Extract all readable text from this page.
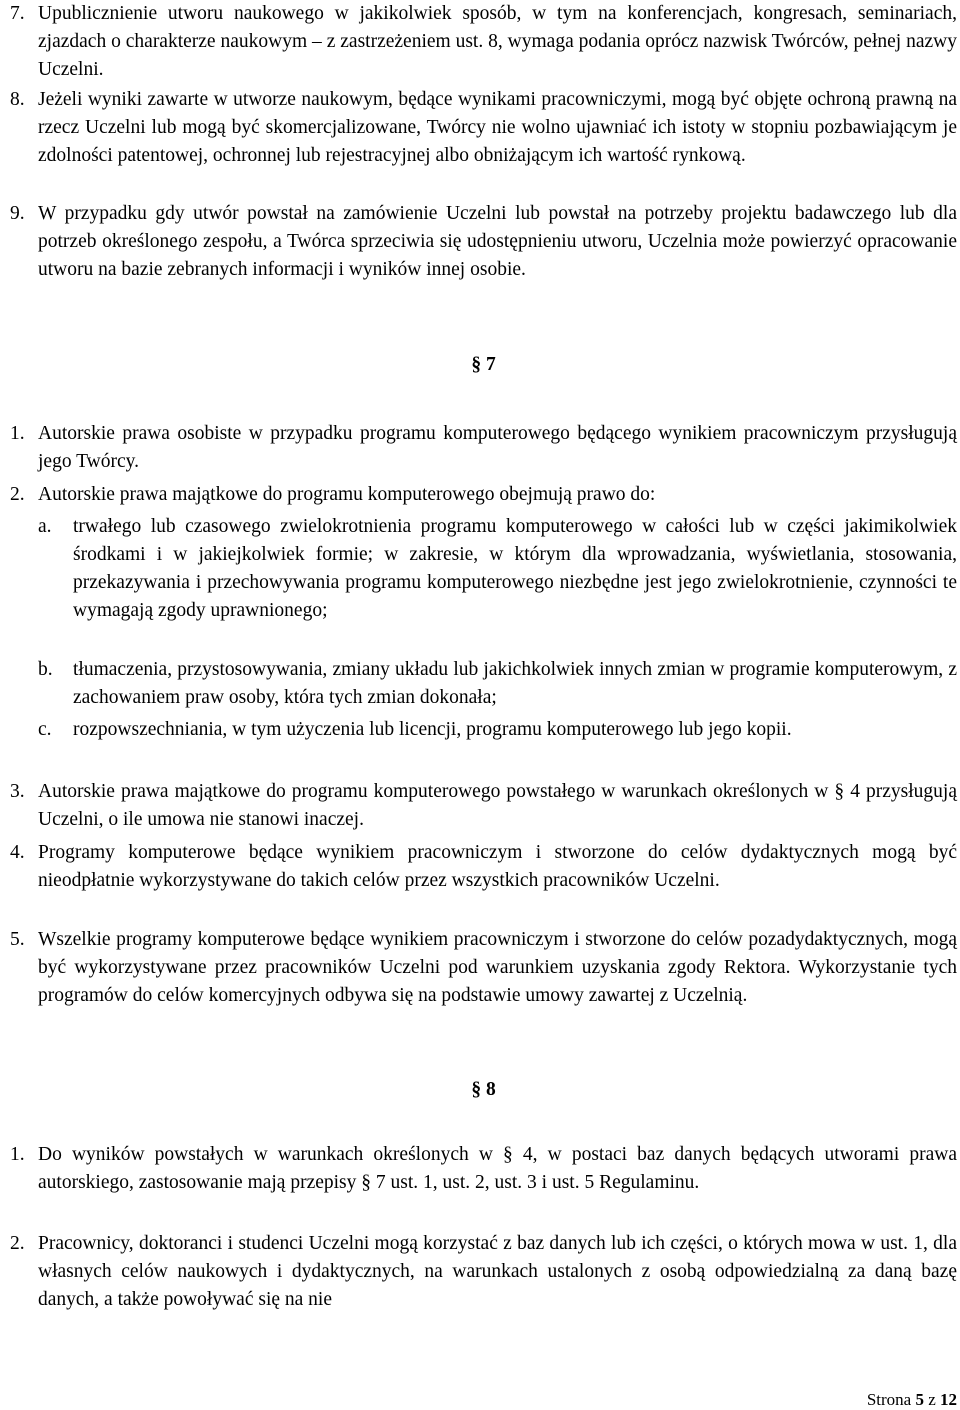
7. Upublicznienie utworu naukowego w jakikolwiek sposób, w tym na konferencjach, kongresach, seminariach, zjazdach o charakterze naukowym – z zastrzeżeniem ust. 8, wymaga podania oprócz nazwisk Twórców, pełnej nazwy Uczelni.
8. Jeżeli wyniki zawarte w utworze naukowym, będące wynikami pracowniczymi, mogą być objęte ochroną prawną na rzecz Uczelni lub mogą być skomercjalizowane, Twórcy nie wolno ujawniać ich istoty w stopniu pozbawiającym je zdolności patentowej, ochronnej lub rejestracyjnej albo obniżającym ich wartość rynkową.
9. W przypadku gdy utwór powstał na zamówienie Uczelni lub powstał na potrzeby projektu badawczego lub dla potrzeb określonego zespołu, a Twórca sprzeciwia się udostępnieniu utworu, Uczelnia może powierzyć opracowanie utworu na bazie zebranych informacji i wyników innej osobie.
§ 7
1. Autorskie prawa osobiste w przypadku programu komputerowego będącego wynikiem pracowniczym przysługują jego Twórcy.
2. Autorskie prawa majątkowe do programu komputerowego obejmują prawo do:
a.	trwałego lub czasowego zwielokrotnienia programu komputerowego w całości lub w części jakimikolwiek środkami i w jakiejkolwiek formie; w zakresie, w którym dla wprowadzania, wyświetlania, stosowania, przekazywania i przechowywania programu komputerowego niezbędne jest jego zwielokrotnienie, czynności te wymagają zgody uprawnionego;
b.	tłumaczenia, przystosowywania, zmiany układu lub jakichkolwiek innych zmian w programie komputerowym, z zachowaniem praw osoby, która tych zmian dokonała;
c.	rozpowszechniania, w tym użyczenia lub licencji, programu komputerowego lub jego kopii.
3. Autorskie prawa majątkowe do programu komputerowego powstałego w warunkach określonych w § 4 przysługują Uczelni, o ile umowa nie stanowi inaczej.
4. Programy komputerowe będące wynikiem pracowniczym i stworzone do celów dydaktycznych mogą być nieodpłatnie wykorzystywane do takich celów przez wszystkich pracowników Uczelni.
5. Wszelkie programy komputerowe będące wynikiem pracowniczym i stworzone do celów pozadydaktycznych, mogą być wykorzystywane przez pracowników Uczelni pod warunkiem uzyskania zgody Rektora. Wykorzystanie tych programów do celów komercyjnych odbywa się na podstawie umowy zawartej z Uczelnią.
§ 8
1. Do wyników powstałych w warunkach określonych w § 4, w postaci baz danych będących utworami prawa autorskiego, zastosowanie mają przepisy § 7 ust. 1, ust. 2, ust. 3 i ust. 5 Regulaminu.
2. Pracownicy, doktoranci i studenci Uczelni mogą korzystać z baz danych lub ich części, o których mowa w ust. 1, dla własnych celów naukowych i dydaktycznych, na warunkach ustalonych z osobą odpowiedzialną za daną bazę danych, a także powoływać się na nie
Strona 5 z 12
